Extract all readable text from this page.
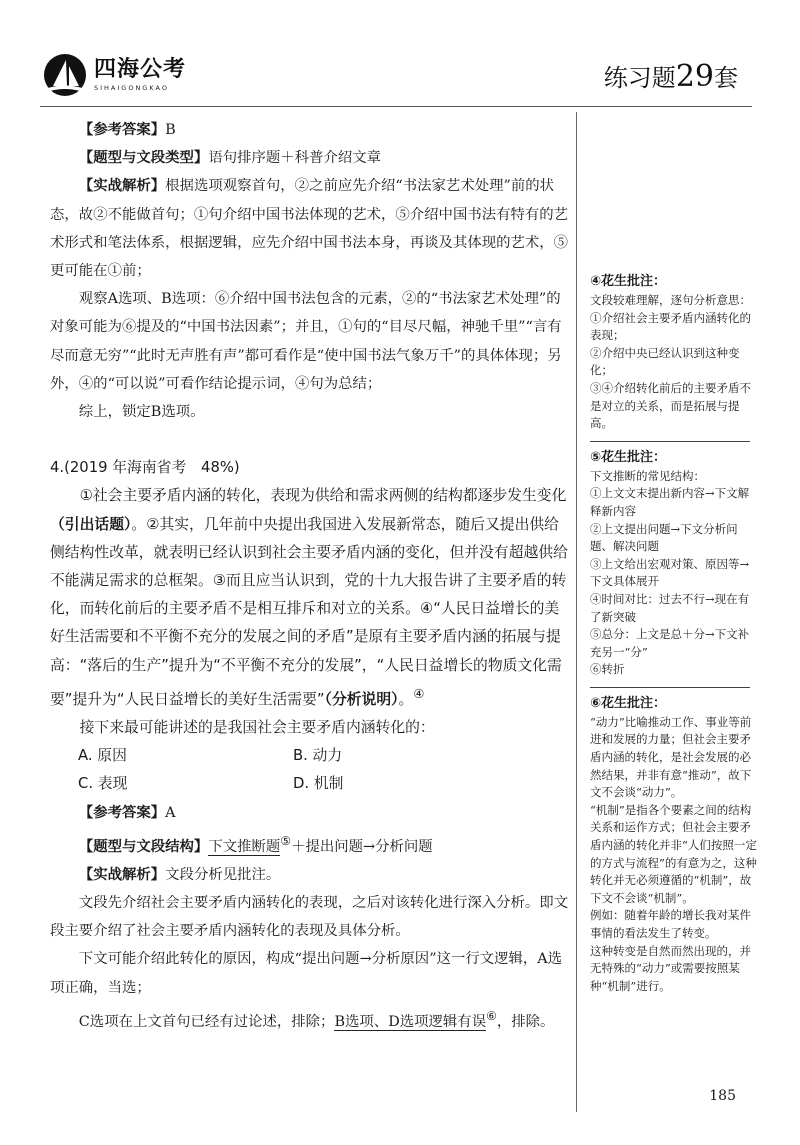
四海公考
SIHAIGONGKAO	练习题29套

【参考答案】B

【题型与文段类型】语句排序题＋科普介绍文章

【实战解析】根据选项观察首句，②之前应先介绍“书法家艺术处理”前的状态，故②不能做首句；①句介绍中国书法体现的艺术，⑤介绍中国书法有特有的艺术形式和笔法体系，根据逻辑，应先介绍中国书法本身，再谈及其体现的艺术，⑤更可能在①前；

观察A选项、B选项：⑥介绍中国书法包含的元素，②的“书法家艺术处理”的对象可能为⑥提及的“中国书法因素”；并且，①句的“目尽尺幅，神驰千里”“言有尽而意无穷”“此时无声胜有声”都可看作是“使中国书法气象万千”的具体体现；另外，④的“可以说”可看作结论提示词，④句为总结；

综上，锁定B选项。

4.(2019 年海南省考　48%)

①社会主要矛盾内涵的转化，表现为供给和需求两侧的结构都逐步发生变化（引出话题）。②其实，几年前中央提出我国进入发展新常态，随后又提出供给侧结构性改革，就表明已经认识到社会主要矛盾内涵的变化，但并没有超越供给不能满足需求的总框架。③而且应当认识到，党的十九大报告讲了主要矛盾的转化，而转化前后的主要矛盾不是相互排斥和对立的关系。④“人民日益增长的美好生活需要和不平衡不充分的发展之间的矛盾”是原有主要矛盾内涵的拓展与提高：“落后的生产”提升为“不平衡不充分的发展”，“人民日益增长的物质文化需要”提升为“人民日益增长的美好生活需要”（分析说明）。④

接下来最可能讲述的是我国社会主要矛盾内涵转化的：

A. 原因	B. 动力
C. 表现	D. 机制

【参考答案】A

【题型与文段结构】下文推断题⑤＋提出问题→分析问题

【实战解析】文段分析见批注。

文段先介绍社会主要矛盾内涵转化的表现，之后对该转化进行深入分析。即文段主要介绍了社会主要矛盾内涵转化的表现及具体分析。

下文可能介绍此转化的原因，构成“提出问题→分析原因”这一行文逻辑，A选项正确，当选；

C选项在上文首句已经有过论述，排除；B选项、D选项逻辑有误⑥，排除。

④花生批注：

文段较难理解，逐句分析意思：

①介绍社会主要矛盾内涵转化的表现；

②介绍中央已经认识到这种变化；

③④介绍转化前后的主要矛盾不是对立的关系，而是拓展与提高。

⑤花生批注：

下文推断的常见结构：

①上文文末提出新内容→下文解释新内容

②上文提出问题→下文分析问题、解决问题

③上文给出宏观对策、原因等→下文具体展开

④时间对比：过去不行→现在有了新突破

⑤总分：上文是总＋分→下文补充另一“分”

⑥转折

⑥花生批注：

“动力”比喻推动工作、事业等前进和发展的力量；但社会主要矛盾内涵的转化，是社会发展的必然结果，并非有意“推动”，故下文不会谈“动力”。

“机制”是指各个要素之间的结构关系和运作方式；但社会主要矛盾内涵的转化并非“人们按照一定的方式与流程”的有意为之，这种转化并无必须遵循的“机制”，故下文不会谈“机制”。

例如：随着年龄的增长我对某件事情的看法发生了转变。

这种转变是自然而然出现的，并无特殊的“动力”或需要按照某种“机制”进行。

185
